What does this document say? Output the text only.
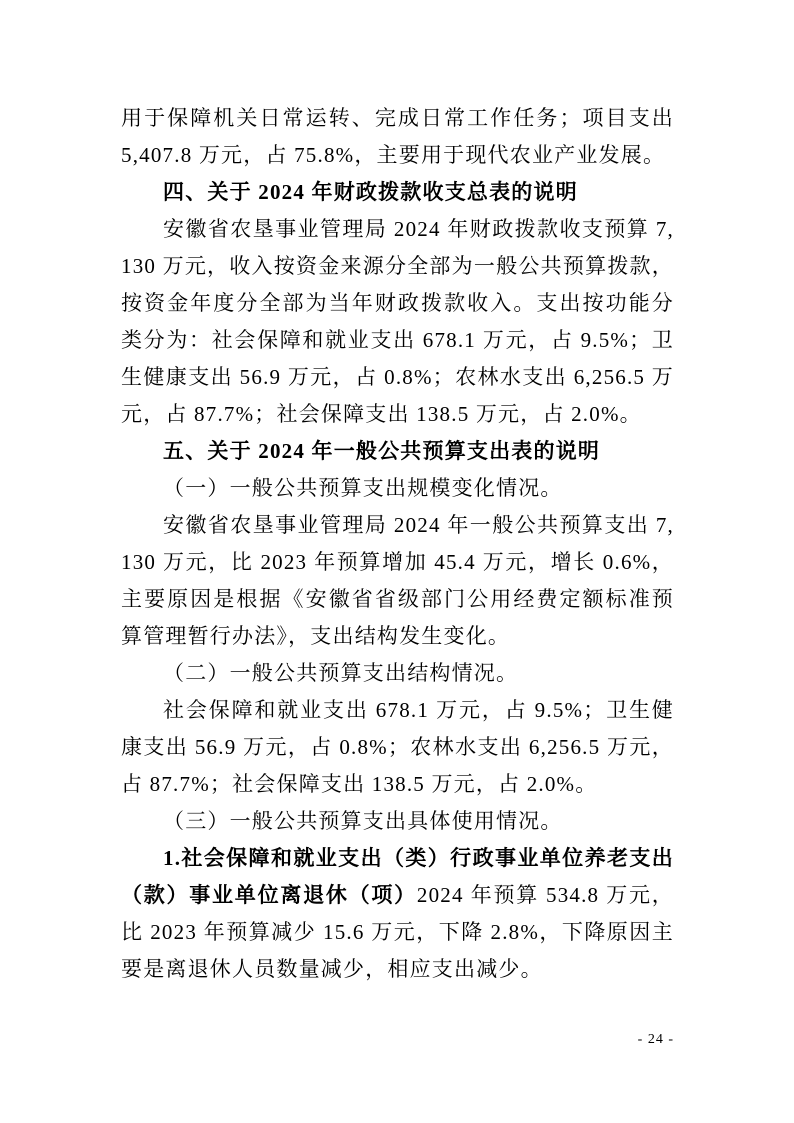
用于保障机关日常运转、完成日常工作任务；项目支出 5,407.8 万元，占 75.8%，主要用于现代农业产业发展。

四、关于 2024 年财政拨款收支总表的说明

安徽省农垦事业管理局 2024 年财政拨款收支预算 7,130 万元，收入按资金来源分全部为一般公共预算拨款，按资金年度分全部为当年财政拨款收入。支出按功能分类分为：社会保障和就业支出 678.1 万元，占 9.5%；卫生健康支出 56.9 万元，占 0.8%；农林水支出 6,256.5 万元，占 87.7%；社会保障支出 138.5 万元，占 2.0%。

五、关于 2024 年一般公共预算支出表的说明

（一）一般公共预算支出规模变化情况。

安徽省农垦事业管理局 2024 年一般公共预算支出 7,130 万元，比 2023 年预算增加 45.4 万元，增长 0.6%，主要原因是根据《安徽省省级部门公用经费定额标准预算管理暂行办法》，支出结构发生变化。

（二）一般公共预算支出结构情况。

社会保障和就业支出 678.1 万元，占 9.5%；卫生健康支出 56.9 万元，占 0.8%；农林水支出 6,256.5 万元，占 87.7%；社会保障支出 138.5 万元，占 2.0%。

（三）一般公共预算支出具体使用情况。

1.社会保障和就业支出（类）行政事业单位养老支出（款）事业单位离退休（项）2024 年预算 534.8 万元，比 2023 年预算减少 15.6 万元，下降 2.8%，下降原因主要是离退休人员数量减少，相应支出减少。

- 24 -
